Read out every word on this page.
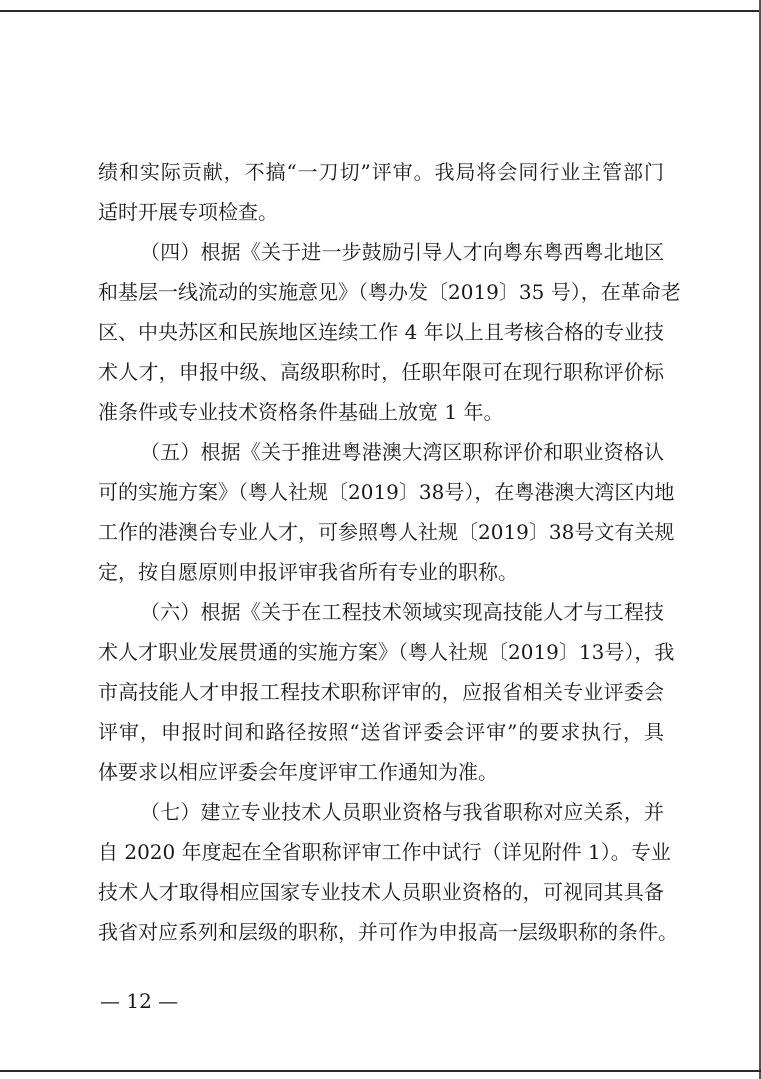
绩和实际贡献，不搞“一刀切”评审。我局将会同行业主管部门
适时开展专项检查。
（四）根据《关于进一步鼓励引导人才向粤东粤西粤北地区
和基层一线流动的实施意见》（粤办发〔2019〕35 号），在革命老
区、中央苏区和民族地区连续工作 4 年以上且考核合格的专业技
术人才，申报中级、高级职称时，任职年限可在现行职称评价标
准条件或专业技术资格条件基础上放宽 1 年。
（五）根据《关于推进粤港澳大湾区职称评价和职业资格认
可的实施方案》（粤人社规〔2019〕38号），在粤港澳大湾区内地
工作的港澳台专业人才，可参照粤人社规〔2019〕38号文有关规
定，按自愿原则申报评审我省所有专业的职称。
（六）根据《关于在工程技术领域实现高技能人才与工程技
术人才职业发展贯通的实施方案》（粤人社规〔2019〕13号），我
市高技能人才申报工程技术职称评审的，应报省相关专业评委会
评审，申报时间和路径按照“送省评委会评审”的要求执行，具
体要求以相应评委会年度评审工作通知为准。
（七）建立专业技术人员职业资格与我省职称对应关系，并
自 2020 年度起在全省职称评审工作中试行（详见附件 1）。专业
技术人才取得相应国家专业技术人员职业资格的，可视同其具备
我省对应系列和层级的职称，并可作为申报高一层级职称的条件。
— 12 —
